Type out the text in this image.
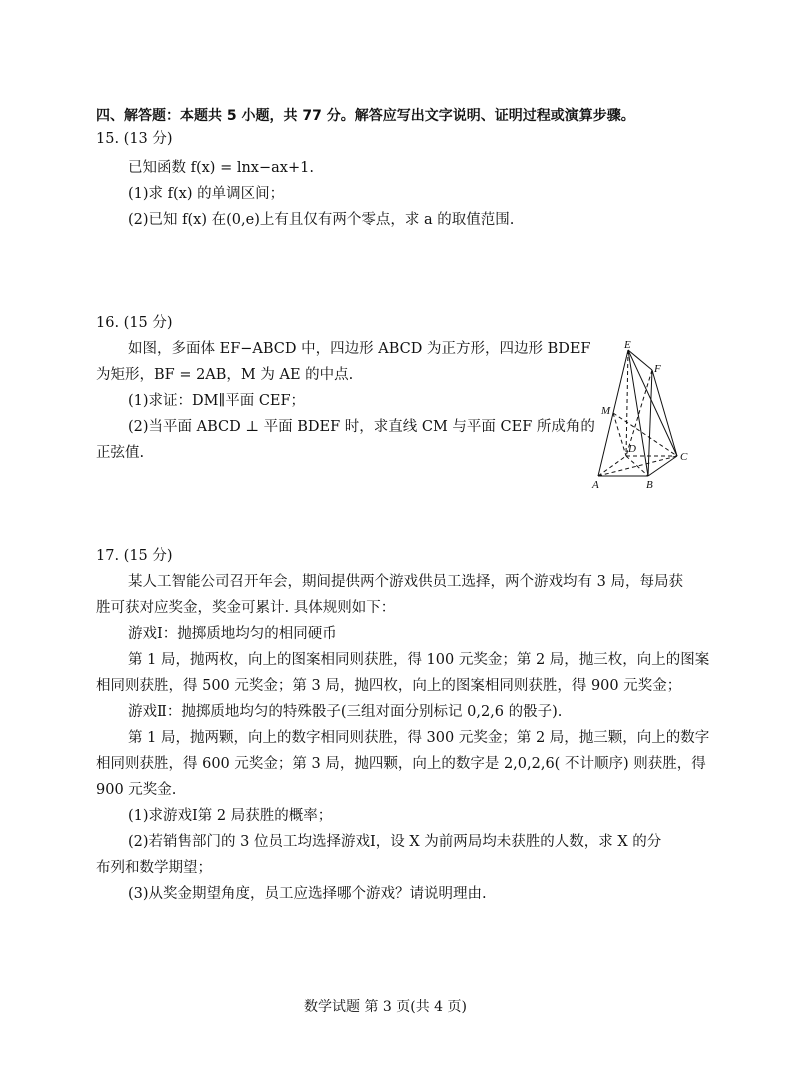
四、解答题：本题共 5 小题，共 77 分。解答应写出文字说明、证明过程或演算步骤。
15. (13 分)
已知函数 f(x) = lnx−ax+1.
(1)求 f(x) 的单调区间；
(2)已知 f(x) 在(0,e)上有且仅有两个零点，求 a 的取值范围.
16. (15 分)
如图，多面体 EF−ABCD 中，四边形 ABCD 为正方形，四边形 BDEF
为矩形，BF = 2AB，M 为 AE 的中点.
(1)求证：DM∥平面 CEF；
(2)当平面 ABCD ⊥ 平面 BDEF 时，求直线 CM 与平面 CEF 所成角的
正弦值.
E
F
M
D
C
A	B
17. (15 分)
某人工智能公司召开年会，期间提供两个游戏供员工选择，两个游戏均有 3 局，每局获
胜可获对应奖金，奖金可累计. 具体规则如下：
游戏Ⅰ：抛掷质地均匀的相同硬币
第 1 局，抛两枚，向上的图案相同则获胜，得 100 元奖金；第 2 局，抛三枚，向上的图案
相同则获胜，得 500 元奖金；第 3 局，抛四枚，向上的图案相同则获胜，得 900 元奖金；
游戏Ⅱ：抛掷质地均匀的特殊骰子(三组对面分别标记 0,2,6 的骰子).
第 1 局，抛两颗，向上的数字相同则获胜，得 300 元奖金；第 2 局，抛三颗，向上的数字
相同则获胜，得 600 元奖金；第 3 局，抛四颗，向上的数字是 2,0,2,6( 不计顺序) 则获胜，得
900 元奖金.
(1)求游戏Ⅰ第 2 局获胜的概率；
(2)若销售部门的 3 位员工均选择游戏Ⅰ，设 X 为前两局均未获胜的人数，求 X 的分
布列和数学期望；
(3)从奖金期望角度，员工应选择哪个游戏？请说明理由.
数学试题 第 3 页(共 4 页)
